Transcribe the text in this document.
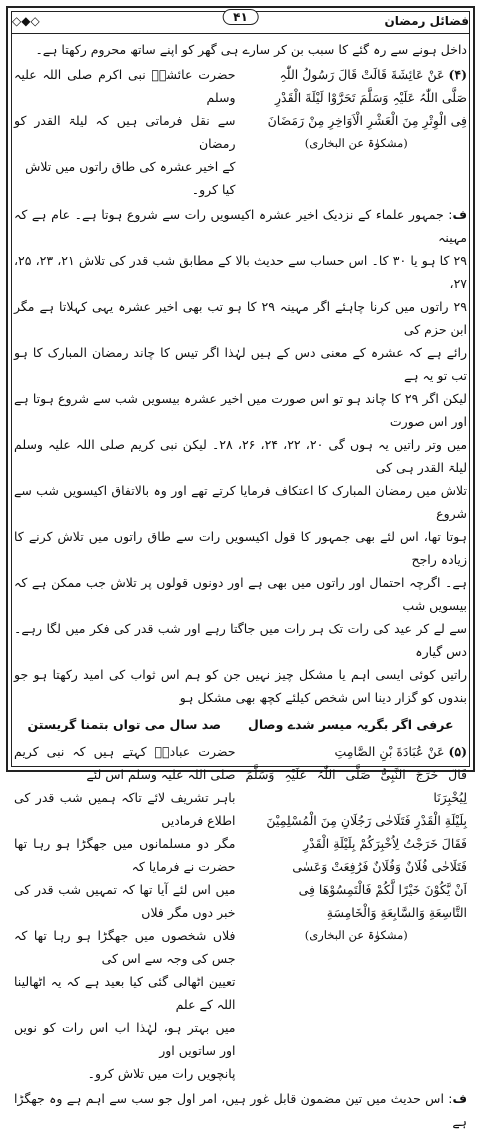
فضائل رمضان
◇◆◇	۴۱

داخل ہونے سے رہ گئے کا سبب بن کر سارے ہی گھر کو اپنے ساتھ محروم رکھتا ہے۔

(۴) عَنْ عَائِشَةَ قَالَتْ قَالَ رَسُولُ اللّٰہِ
صَلَّی اللّٰہُ عَلَیْہِ وَسَلَّمَ تَحَرَّوْا لَیْلَةَ الْقَدْرِ
فِی الْوِتْرِ مِنَ الْعَشْرِ الْاَوَاخِرِ مِنْ رَمَضَانَ

(مشکوٰۃ عن البخاری)
حضرت عائشہؓ نبی اکرم صلی اللہ علیہ وسلم
سے نقل فرماتی ہیں کہ لیلۃ القدر کو رمضان
کے اخیر عشرہ کی طاق راتوں میں تلاش
کیا کرو۔

ف: جمہور علماء کے نزدیک اخیر عشرہ اکیسویں رات سے شروع ہوتا ہے۔ عام ہے کہ مہینہ

۲۹ کا ہو یا ۳۰ کا۔ اس حساب سے حدیث بالا کے مطابق شب قدر کی تلاش ۲۱، ۲۳، ۲۵، ۲۷،

۲۹ راتوں میں کرنا چاہئے اگر مہینہ ۲۹ کا ہو تب بھی اخیر عشرہ یہی کہلاتا ہے مگر ابن حزم کی

رائے ہے کہ عشرہ کے معنی دس کے ہیں لہٰذا اگر تیس کا چاند رمضان المبارک کا ہو تب تو یہ ہے

لیکن اگر ۲۹ کا چاند ہو تو اس صورت میں اخیر عشرہ بیسویں شب سے شروع ہوتا ہے اور اس صورت

میں وتر راتیں یہ ہوں گی ۲۰، ۲۲، ۲۴، ۲۶، ۲۸۔ لیکن نبی کریم صلی اللہ علیہ وسلم لیلۃ القدر ہی کی

تلاش میں رمضان المبارک کا اعتکاف فرمایا کرتے تھے اور وہ بالاتفاق اکیسویں شب سے شروع

ہوتا تھا، اس لئے بھی جمہور کا قول اکیسویں رات سے طاق راتوں میں تلاش کرنے کا زیادہ راجح

ہے۔ اگرچہ احتمال اور راتوں میں بھی ہے اور دونوں قولوں پر تلاش جب ممکن ہے کہ بیسویں شب

سے لے کر عید کی رات تک ہر رات میں جاگتا رہے اور شب قدر کی فکر میں لگا رہے۔ دس گیارہ

راتیں کوئی ایسی اہم یا مشکل چیز نہیں جن کو ہم اس ثواب کی امید رکھتا ہو جو بندوں کو گزار دینا اس شخص کیلئے کچھ بھی مشکل ہو

عرفی اگر بگریہ میسر شدے وصال
صد سال می تواں بتمنا گریستن
(۵) عَنْ عُبَادَةَ بْنِ الصَّامِتِ
قَالَ خَرَجَ النَّبِیُّ صَلَّی اللّٰہُ عَلَیْہِ وَسَلَّمَ لِیُخْبِرَنَا
بِلَیْلَةِ الْقَدْرِ فَتَلَاحٰی رَجُلَانِ مِنَ الْمُسْلِمِیْنَ
فَقَالَ خَرَجْتُ لِاُخْبِرَکُمْ بِلَیْلَةِ الْقَدْرِ
فَتَلَاحٰی فُلَانٌ وَفُلَانٌ فَرُفِعَتْ وَعَسٰی
اَنْ یَّکُوْنَ خَیْرًا لَّکُمْ فَالْتَمِسُوْھَا فِی
التَّاسِعَةِ وَالسَّابِعَةِ وَالْخَامِسَةِ

(مشکوٰۃ عن البخاری)
حضرت عبادہؓ کہتے ہیں کہ نبی کریم صلی اللہ علیہ وسلم اس لئے
باہر تشریف لائے تاکہ ہمیں شب قدر کی اطلاع فرمادیں
مگر دو مسلمانوں میں جھگڑا ہو رہا تھا حضرت نے فرمایا کہ
میں اس لئے آیا تھا کہ تمہیں شب قدر کی خبر دوں مگر فلاں
فلاں شخصوں میں جھگڑا ہو رہا تھا کہ جس کی وجہ سے اس کی
تعیین اٹھالی گئی کیا بعید ہے کہ یہ اٹھالینا اللہ کے علم
میں بہتر ہو، لہٰذا اب اس رات کو نویں اور ساتویں اور
پانچویں رات میں تلاش کرو۔

ف: اس حدیث میں تین مضمون قابل غور ہیں، امر اول جو سب سے اہم ہے وہ جھگڑا ہے
